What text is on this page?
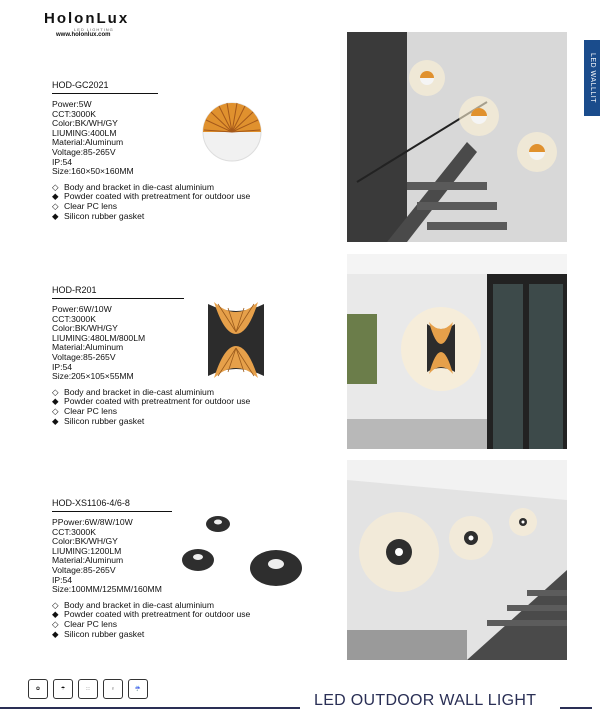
HolonLux
LED LIGHTING
www.holonlux.com
LED WALLLIT
HOD-GC2021
Power:5W
CCT:3000K
Color:BK/WH/GY
LIUMING:400LM
Material:Aluminum
Voltage:85-265V
IP:54
Size:160×50×160MM
◇ Body and bracket in die-cast aluminium
◆ Powder coated with pretreatment for outdoor use
◇ Clear PC lens
◆ Silicon rubber gasket
HOD-R201
Power:6W/10W
CCT:3000K
Color:BK/WH/GY
LIUMING:480LM/800LM
Material:Aluminum
Voltage:85-265V
IP:54
Size:205×105×55MM
◇ Body and bracket in die-cast aluminium
◆ Powder coated with pretreatment for outdoor use
◇ Clear PC lens
◆ Silicon rubber gasket
HOD-XS1106-4/6-8
PPower:6W/8W/10W
CCT:3000K
Color:BK/WH/GY
LIUMING:1200LM
Material:Aluminum
Voltage:85-265V
IP:54
Size:100MM/125MM/160MM
◇ Body and bracket in die-cast aluminium
◆ Powder coated with pretreatment for outdoor use
◇ Clear PC lens
◆ Silicon rubber gasket
✿	☂	∷	♀	☔
LED OUTDOOR WALL LIGHT
